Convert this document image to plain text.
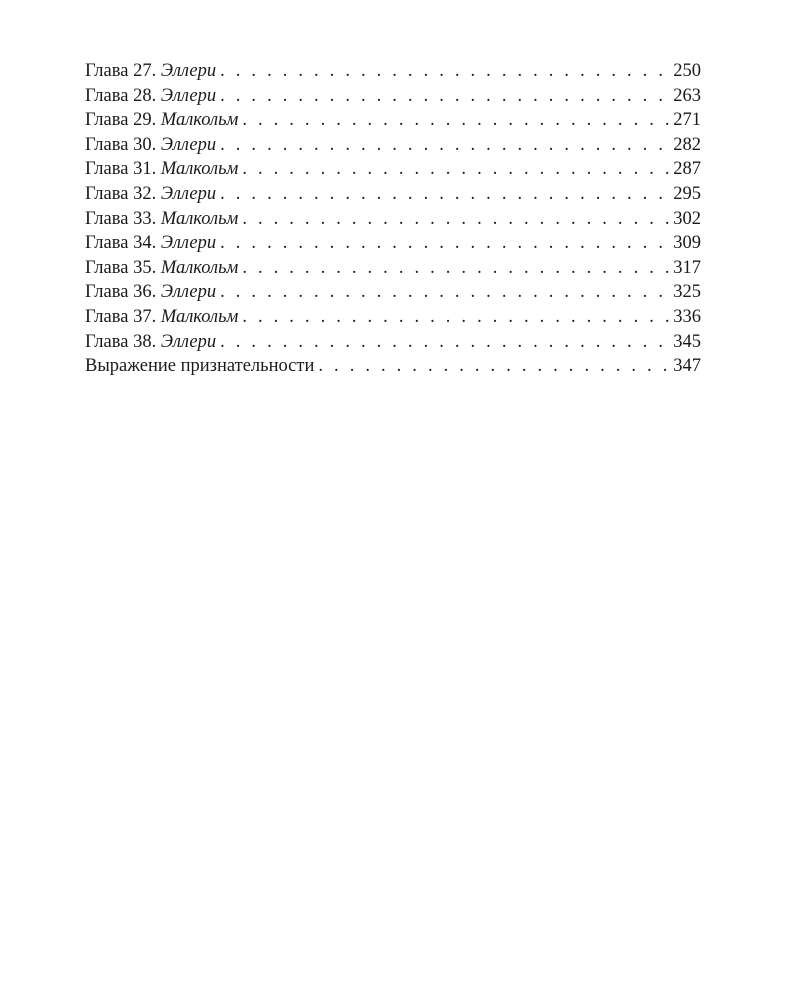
Глава 27. Эллери . . .	250
Глава 28. Эллери . . .	263
Глава 29. Малкольм . . .	271
Глава 30. Эллери . . .	282
Глава 31. Малкольм . . .	287
Глава 32. Эллери . . .	295
Глава 33. Малкольм . . .	302
Глава 34. Эллери . . .	309
Глава 35. Малкольм . . .	317
Глава 36. Эллери . . .	325
Глава 37. Малкольм . . .	336
Глава 38. Эллери . . .	345
Выражение признательности . . .	347
